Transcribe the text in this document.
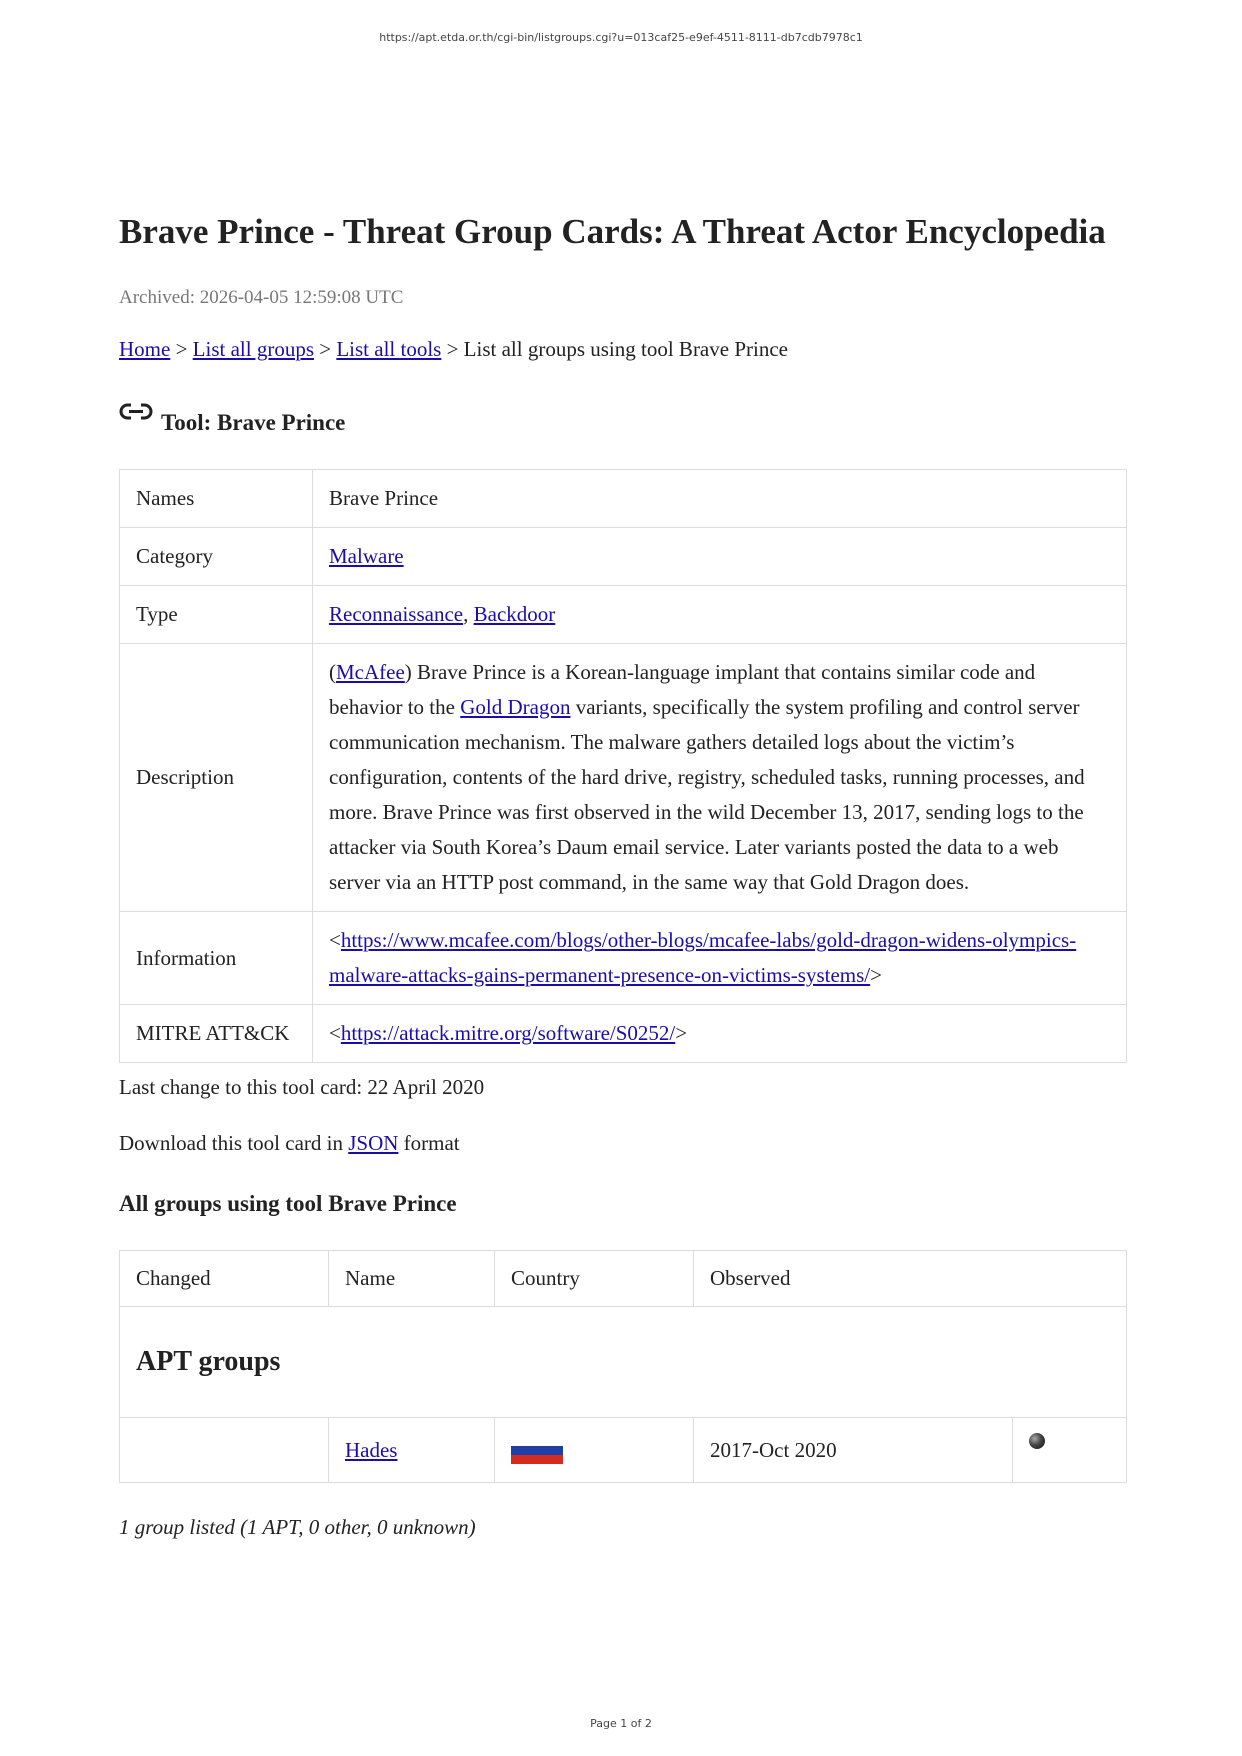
https://apt.etda.or.th/cgi-bin/listgroups.cgi?u=013caf25-e9ef-4511-8111-db7cdb7978c1
Brave Prince - Threat Group Cards: A Threat Actor Encyclopedia
Archived: 2026-04-05 12:59:08 UTC
Home > List all groups > List all tools > List all groups using tool Brave Prince
Tool: Brave Prince
Names	Brave Prince
Category	Malware
Type	Reconnaissance, Backdoor
Description	(McAfee) Brave Prince is a Korean-language implant that contains similar code and behavior to the Gold Dragon variants, specifically the system profiling and control server communication mechanism. The malware gathers detailed logs about the victim’s configuration, contents of the hard drive, registry, scheduled tasks, running processes, and more. Brave Prince was first observed in the wild December 13, 2017, sending logs to the attacker via South Korea’s Daum email service. Later variants posted the data to a web server via an HTTP post command, in the same way that Gold Dragon does.
Information	<https://www.mcafee.com/blogs/other-blogs/mcafee-labs/gold-dragon-widens-olympics-malware-attacks-gains-permanent-presence-on-victims-systems/>
MITRE ATT&CK	<https://attack.mitre.org/software/S0252/>
Last change to this tool card: 22 April 2020
Download this tool card in JSON format
All groups using tool Brave Prince
Changed	Name	Country	Observed	
APT groups				
	Hades		2017-Oct 2020	
1 group listed (1 APT, 0 other, 0 unknown)
Page 1 of 2
